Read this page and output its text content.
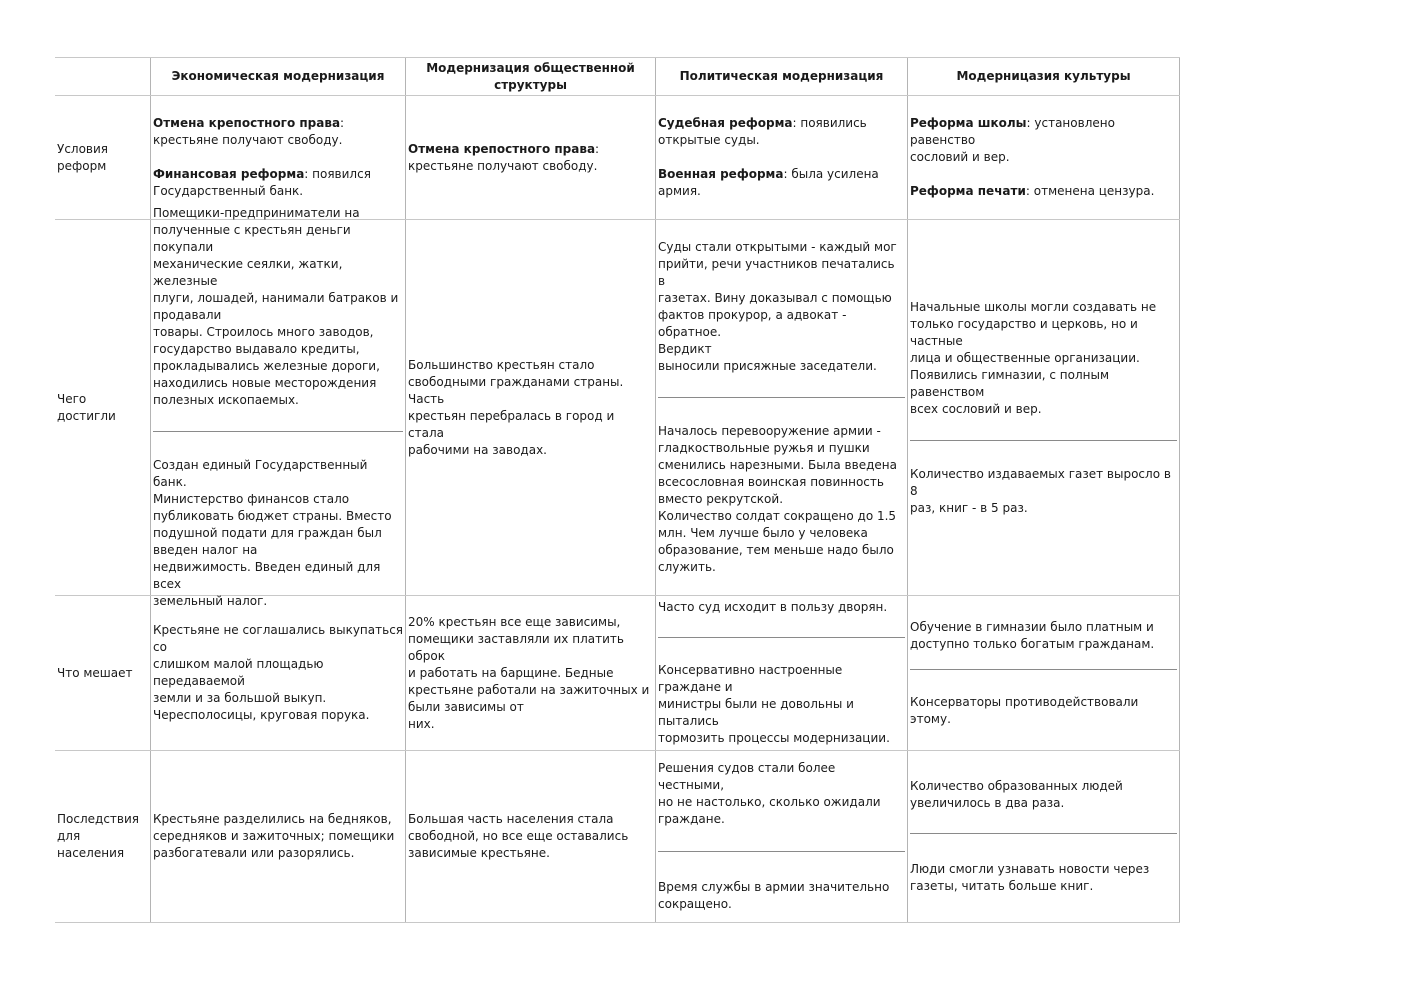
Экономическая модернизация
Модернизация общественной
структуры
Политическая модернизация	Модерницазия культуры
Условия
реформ
Отмена крепостного права:
крестьяне получают свободу.
Финансовая реформа: появился
Государственный банк.
Отмена крепостного права:
крестьяне получают свободу.
Судебная реформа: появились
открытые суды.
Военная реформа: была усилена
армия.
Реформа школы: установлено равенство
сословий и вер.
Реформа печати: отменена цензура.
Чего достигли
Помещики-предприниматели на
полученные с крестьян деньги покупали
механические сеялки, жатки, железные
плуги, лошадей, нанимали батраков и
продавали
товары. Строилось много заводов,
государство выдавало кредиты,
прокладывались железные дороги,
находились новые месторождения
полезных ископаемых.
Создан единый Государственный банк.
Министерство финансов стало
публиковать бюджет страны. Вместо
подушной подати для граждан был
введен налог на
недвижимость. Введен единый для всех
земельный налог.
Большинство крестьян стало
свободными гражданами страны. Часть
крестьян перебралась в город и стала
рабочими на заводах.
Суды стали открытыми - каждый мог
прийти, речи участников печатались в
газетах. Вину доказывал с помощью
фактов прокурор, а адвокат - обратное.
Вердикт
выносили присяжные заседатели.
Началось перевооружение армии -
гладкоствольные ружья и пушки
сменились нарезными. Была введена
всесословная воинская повинность
вместо рекрутской.
Количество солдат сокращено до 1.5
млн. Чем лучше было у человека
образование, тем меньше надо было
служить.
Начальные школы могли создавать не
только государство и церковь, но и частные
лица и общественные организации.
Появились гимназии, с полным равенством
всех сословий и вер.
Количество издаваемых газет выросло в 8
раз, книг - в 5 раз.
Что мешает
Крестьяне не соглашались выкупаться со
слишком малой площадью передаваемой
земли и за большой выкуп.
Чересполосицы, круговая порука.
20% крестьян все еще зависимы,
помещики заставляли их платить оброк
и работать на барщине. Бедные
крестьяне работали на зажиточных и
были зависимы от
них.
Часто суд исходит в пользу дворян.
Консервативно настроенные граждане и
министры были не довольны и пытались
тормозить процессы модернизации.
Обучение в гимназии было платным и
доступно только богатым гражданам.
Консерваторы противодействовали этому.
Последствия
для населения
Крестьяне разделились на бедняков,
середняков и зажиточных; помещики
разбогатевали или разорялись.
Большая часть населения стала
свободной, но все еще оставались
зависимые крестьяне.
Решения судов стали более честными,
но не настолько, сколько ожидали
граждане.
Время службы в армии значительно
сокращено.
Количество образованных людей
увеличилось в два раза.
Люди смогли узнавать новости через
газеты, читать больше книг.
